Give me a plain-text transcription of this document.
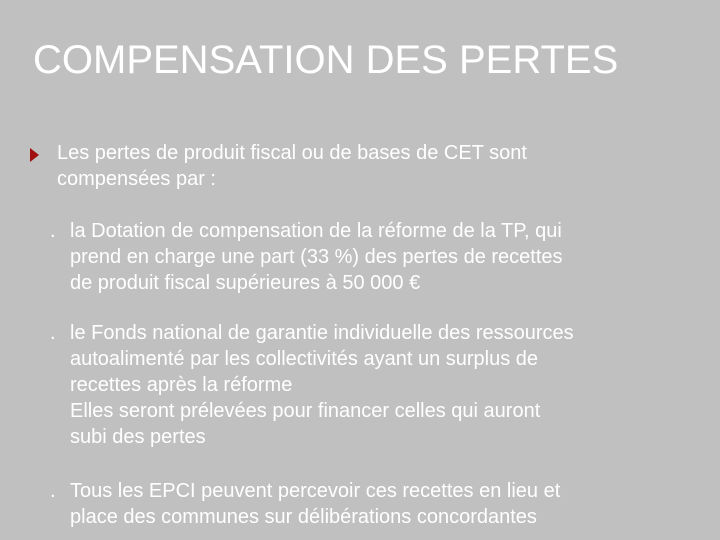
COMPENSATION DES PERTES
Les pertes de produit fiscal ou de bases de CET sont
compensées par :
. la Dotation de compensation de la réforme de la TP, qui
prend en charge une part (33 %) des pertes de recettes
de produit fiscal supérieures à 50 000 €
. le Fonds national de garantie individuelle des ressources
autoalimenté par les collectivités ayant un surplus de
recettes après la réforme
Elles seront prélevées pour financer celles qui auront
subi des pertes
. Tous les EPCI peuvent percevoir ces recettes en lieu et
place des communes sur délibérations concordantes
